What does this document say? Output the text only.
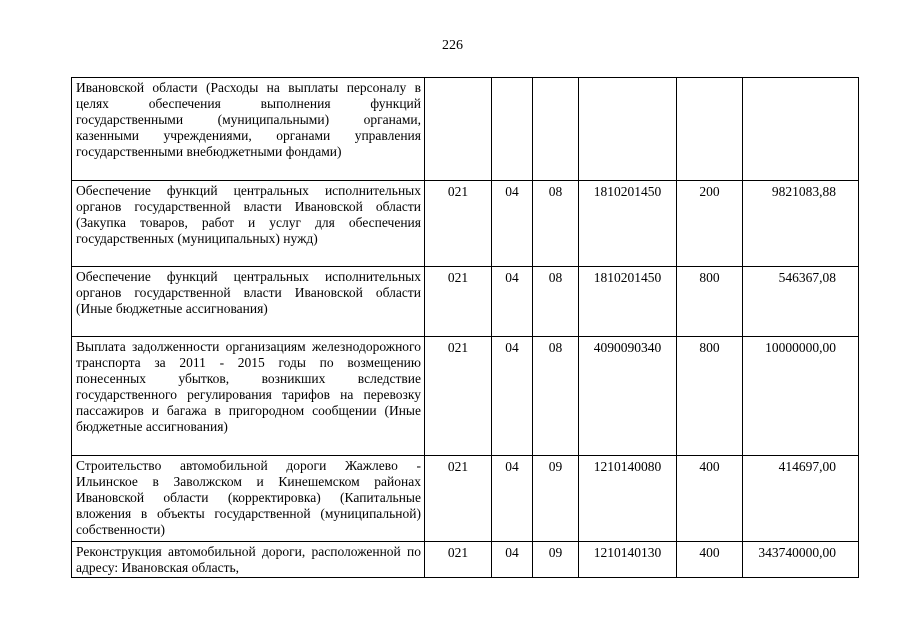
226
Ивановской области (Расходы на выплаты персоналу в целях обеспечения выполнения функций государственными (муниципальными) органами, казенными учреждениями, органами управления государственными внебюджетными фондами)						
Обеспечение функций центральных исполнительных органов государственной власти Ивановской области (Закупка товаров, работ и услуг для обеспечения государственных (муниципальных) нужд)	021	04	08	1810201450	200	9821083,88
Обеспечение функций центральных исполнительных органов государственной власти Ивановской области (Иные бюджетные ассигнования)	021	04	08	1810201450	800	546367,08
Выплата задолженности организациям железнодорожного транспорта за 2011 - 2015 годы по возмещению понесенных убытков, возникших вследствие государственного регулирования тарифов на перевозку пассажиров и багажа в пригородном сообщении (Иные бюджетные ассигнования)	021	04	08	4090090340	800	10000000,00
Строительство автомобильной дороги Жажлево - Ильинское в Заволжском и Кинешемском районах Ивановской области (корректировка) (Капитальные вложения в объекты государственной (муниципальной) собственности)	021	04	09	1210140080	400	414697,00
Реконструкция автомобильной дороги, расположенной по адресу: Ивановская область,	021	04	09	1210140130	400	343740000,00
